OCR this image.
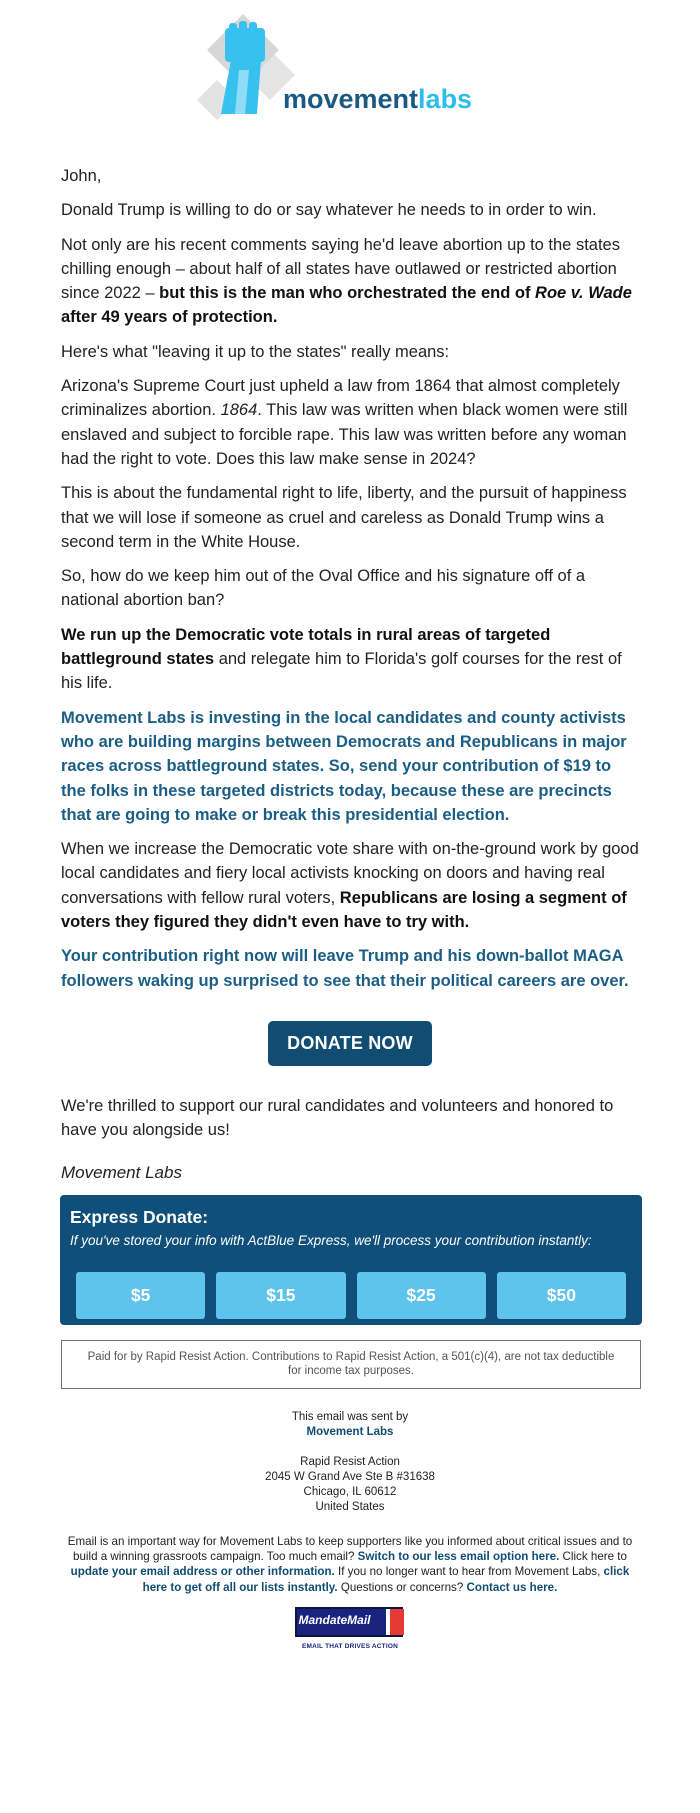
movementlabs

John,

Donald Trump is willing to do or say whatever he needs to in order to win.

Not only are his recent comments saying he'd leave abortion up to the states chilling enough – about half of all states have outlawed or restricted abortion since 2022 – but this is the man who orchestrated the end of Roe v. Wade after 49 years of protection.

Here's what "leaving it up to the states" really means:

Arizona's Supreme Court just upheld a law from 1864 that almost completely criminalizes abortion. 1864. This law was written when black women were still enslaved and subject to forcible rape. This law was written before any woman had the right to vote. Does this law make sense in 2024?

This is about the fundamental right to life, liberty, and the pursuit of happiness that we will lose if someone as cruel and careless as Donald Trump wins a second term in the White House.

So, how do we keep him out of the Oval Office and his signature off of a national abortion ban?

We run up the Democratic vote totals in rural areas of targeted battleground states and relegate him to Florida's golf courses for the rest of his life.

Movement Labs is investing in the local candidates and county activists who are building margins between Democrats and Republicans in major races across battleground states. So, send your contribution of $19 to the folks in these targeted districts today, because these are precincts that are going to make or break this presidential election.

When we increase the Democratic vote share with on-the-ground work by good local candidates and fiery local activists knocking on doors and having real conversations with fellow rural voters, Republicans are losing a segment of voters they figured they didn't even have to try with.

Your contribution right now will leave Trump and his down-ballot MAGA followers waking up surprised to see that their political careers are over.

DONATE NOW

We're thrilled to support our rural candidates and volunteers and honored to have you alongside us!

Movement Labs

Express Donate:
If you've stored your info with ActBlue Express, we'll process your contribution instantly:
$5	$15	$25	$50
Paid for by Rapid Resist Action. Contributions to Rapid Resist Action, a 501(c)(4), are not tax deductible for income tax purposes.
This email was sent by
Movement Labs
Rapid Resist Action
2045 W Grand Ave Ste B #31638
Chicago, IL 60612
United States
Email is an important way for Movement Labs to keep supporters like you informed about critical issues and to build a winning grassroots campaign. Too much email? Switch to our less email option here. Click here to update your email address or other information. If you no longer want to hear from Movement Labs, click here to get off all our lists instantly. Questions or concerns? Contact us here.
MandateMail
EMAIL THAT DRIVES ACTION
